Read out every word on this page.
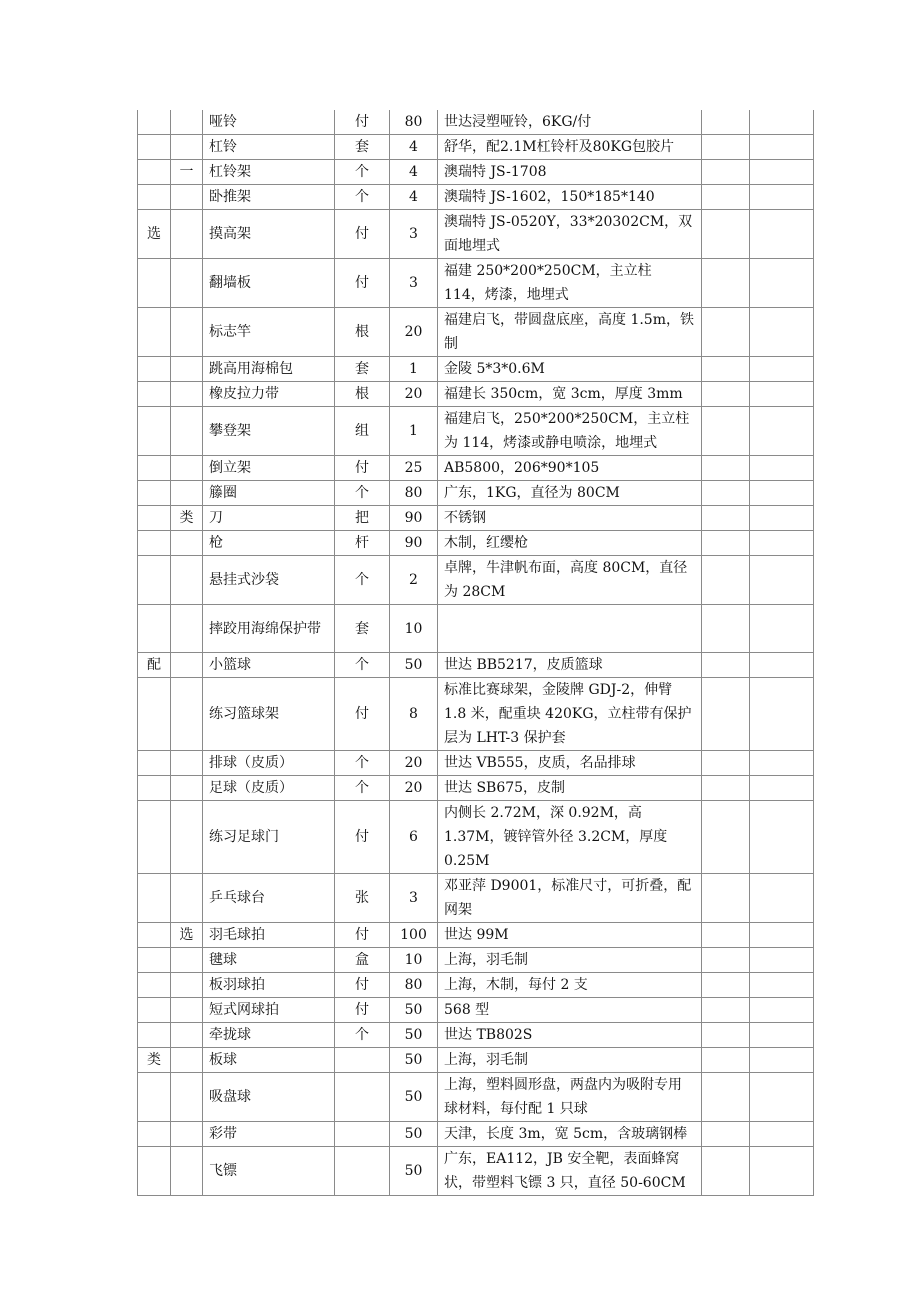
		哑铃	付	80	世达浸塑哑铃，6KG/付		
		杠铃	套	4	舒华，配2.1M杠铃杆及80KG包胶片		
	一	杠铃架	个	4	澳瑞特 JS-1708		
		卧推架	个	4	澳瑞特 JS-1602，150*185*140		
选		摸高架	付	3	澳瑞特 JS-0520Y，33*20302CM，双面地埋式		
		翻墙板	付	3	福建 250*200*250CM，主立柱 114，烤漆，地埋式		
		标志竿	根	20	福建启飞，带圆盘底座，高度 1.5m，铁制		
		跳高用海棉包	套	1	金陵 5*3*0.6M		
		橡皮拉力带	根	20	福建长 350cm，宽 3cm，厚度 3mm		
		攀登架	组	1	福建启飞，250*200*250CM，主立柱为 114，烤漆或静电喷涂，地埋式		
		倒立架	付	25	AB5800，206*90*105		
		籐圈	个	80	广东，1KG，直径为 80CM		
	类	刀	把	90	不锈钢		
		枪	杆	90	木制，红缨枪		
		悬挂式沙袋	个	2	卓牌，牛津帆布面，高度 80CM，直径为 28CM		
		摔跤用海绵保护带	套	10			
配		小篮球	个	50	世达 BB5217，皮质篮球		
		练习篮球架	付	8	标准比赛球架，金陵牌 GDJ-2，伸臂 1.8 米，配重块 420KG，立柱带有保护层为 LHT-3 保护套		
		排球（皮质）	个	20	世达 VB555，皮质，名品排球		
		足球（皮质）	个	20	世达 SB675，皮制		
		练习足球门	付	6	内侧长 2.72M，深 0.92M，高 1.37M，镀锌管外径 3.2CM，厚度 0.25M		
		乒乓球台	张	3	邓亚萍 D9001，标准尺寸，可折叠，配网架		
	选	羽毛球拍	付	100	世达 99M		
		毽球	盒	10	上海，羽毛制		
		板羽球拍	付	80	上海，木制，每付 2 支		
		短式网球拍	付	50	568 型		
		牵拢球	个	50	世达 TB802S		
类		板球		50	上海，羽毛制		
		吸盘球		50	上海，塑料圆形盘，两盘内为吸附专用球材料，每付配 1 只球		
		彩带		50	天津，长度 3m，宽 5cm，含玻璃钢棒		
		飞镖		50	广东，EA112，JB 安全靶，表面蜂窝状，带塑料飞镖 3 只，直径 50-60CM		
